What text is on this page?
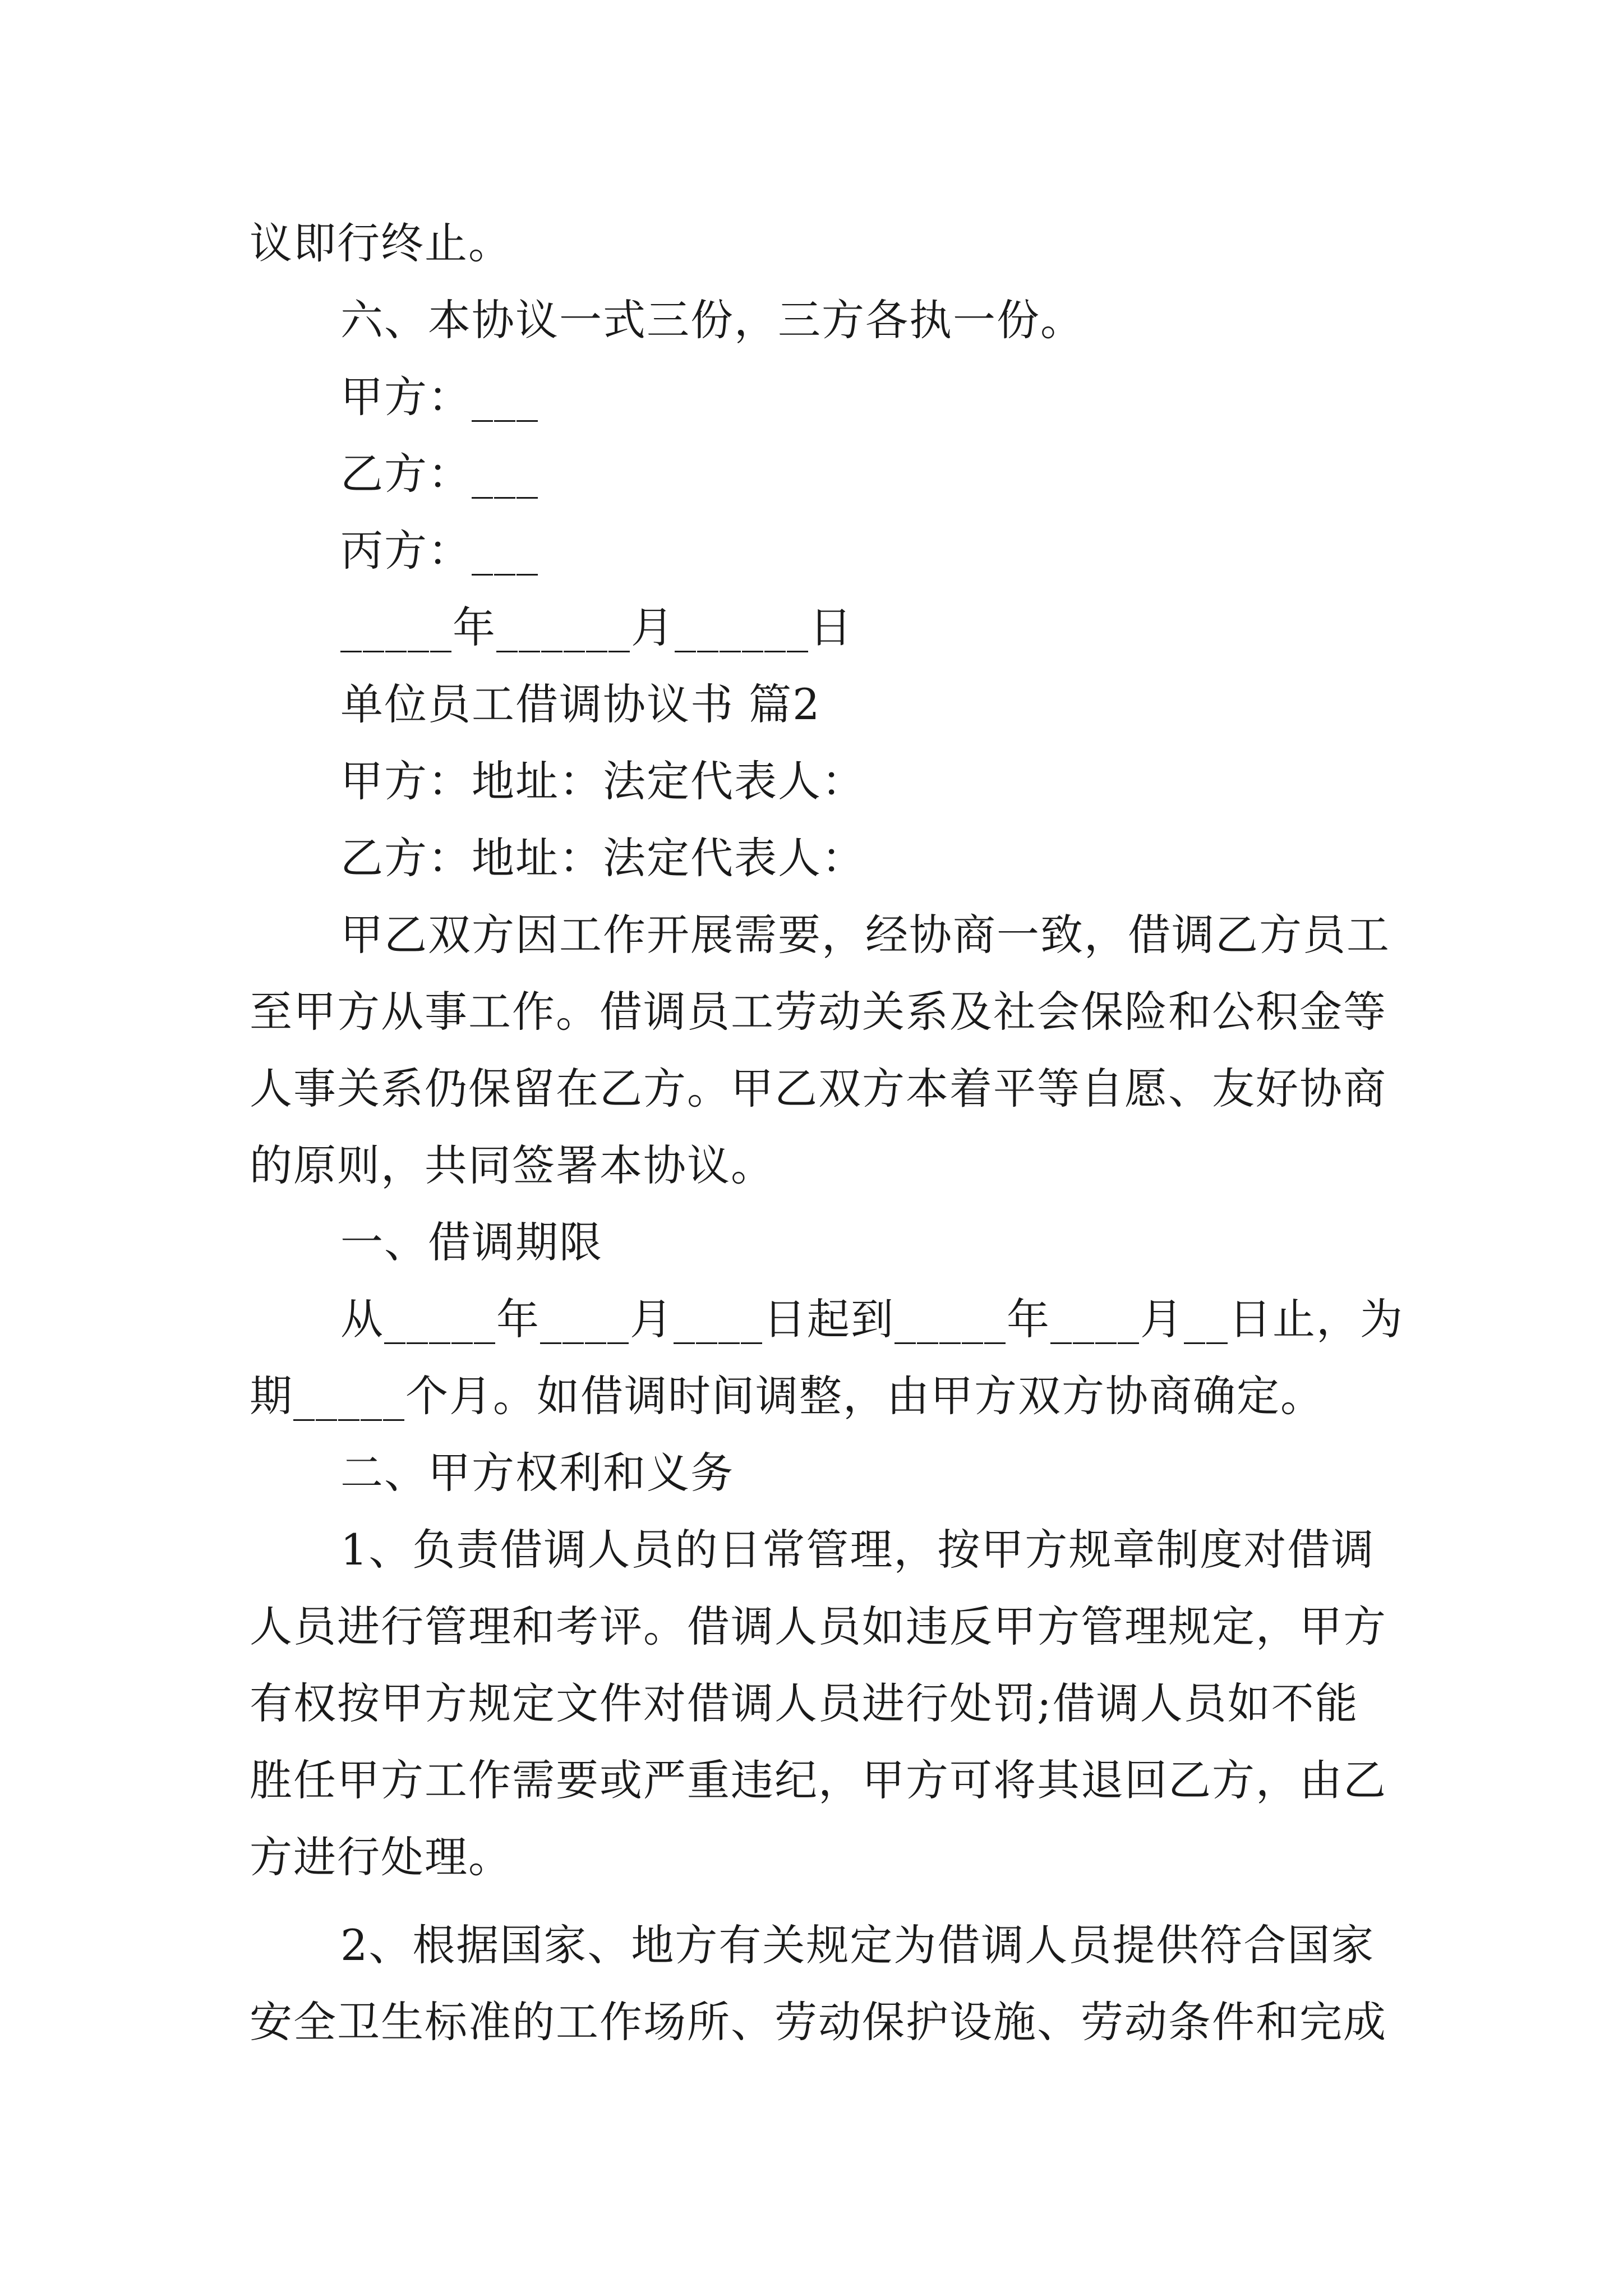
议即行终止。
六、本协议一式三份，三方各执一份。
甲方：___
乙方：___
丙方：___
_____年______月______日
单位员工借调协议书 篇2
甲方：地址：法定代表人：
乙方：地址：法定代表人：
甲乙双方因工作开展需要，经协商一致，借调乙方员工
至甲方从事工作。借调员工劳动关系及社会保险和公积金等
人事关系仍保留在乙方。甲乙双方本着平等自愿、友好协商
的原则，共同签署本协议。
一、借调期限
从_____年____月____日起到_____年____月__日止，为
期_____个月。如借调时间调整，由甲方双方协商确定。
二、甲方权利和义务
1、负责借调人员的日常管理，按甲方规章制度对借调
人员进行管理和考评。借调人员如违反甲方管理规定，甲方
有权按甲方规定文件对借调人员进行处罚;借调人员如不能
胜任甲方工作需要或严重违纪，甲方可将其退回乙方，由乙
方进行处理。
2、根据国家、地方有关规定为借调人员提供符合国家
安全卫生标准的工作场所、劳动保护设施、劳动条件和完成
